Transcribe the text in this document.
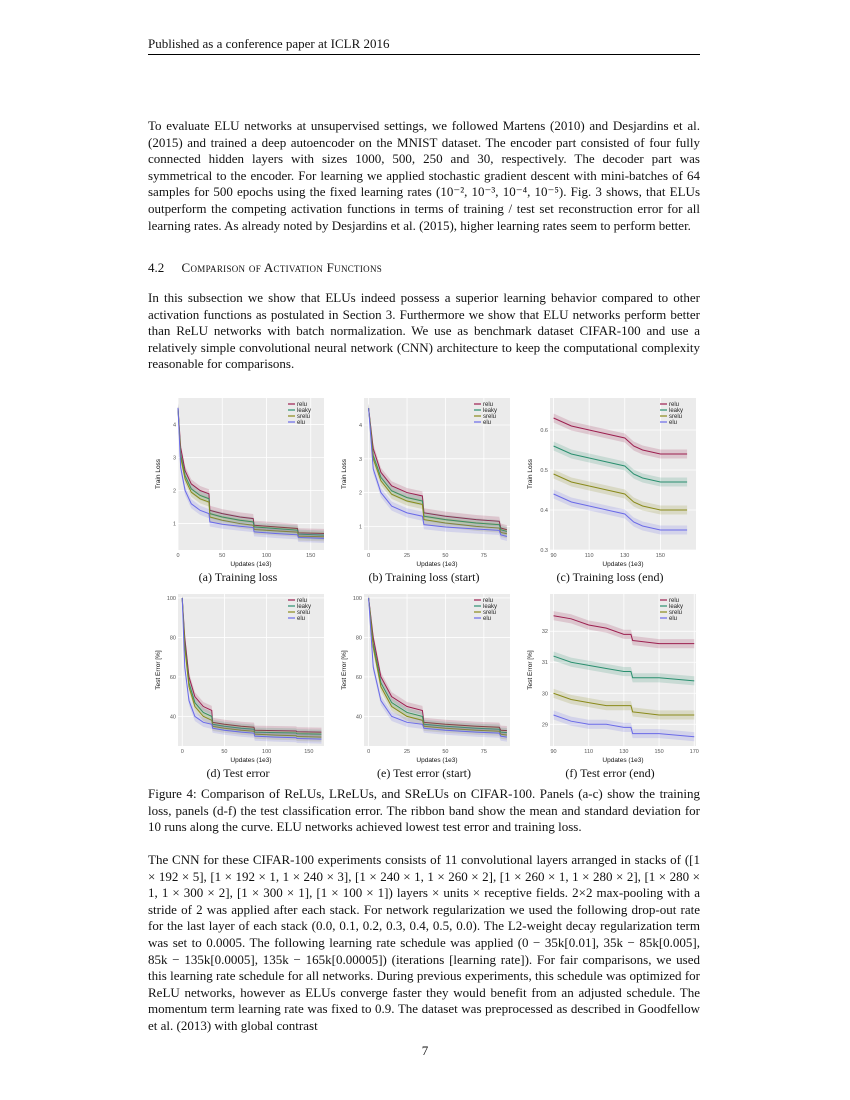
Published as a conference paper at ICLR 2016

To evaluate ELU networks at unsupervised settings, we followed Martens (2010) and Desjardins et al. (2015) and trained a deep autoencoder on the MNIST dataset. The encoder part consisted of four fully connected hidden layers with sizes 1000, 500, 250 and 30, respectively. The decoder part was symmetrical to the encoder. For learning we applied stochastic gradient descent with mini-batches of 64 samples for 500 epochs using the fixed learning rates (10⁻², 10⁻³, 10⁻⁴, 10⁻⁵). Fig. 3 shows, that ELUs outperform the competing activation functions in terms of training / test set reconstruction error for all learning rates. As already noted by Desjardins et al. (2015), higher learning rates seem to perform better.

4.2 Comparison of Activation Functions

In this subsection we show that ELUs indeed possess a superior learning behavior compared to other activation functions as postulated in Section 3. Furthermore we show that ELU networks perform better than ReLU networks with batch normalization. We use as benchmark dataset CIFAR-100 and use a relatively simple convolutional neural network (CNN) architecture to keep the computational complexity reasonable for comparisons.

0	50	100	150
1
2
3
4
relu
leaky
srelu
elu
Updates (1e3)
Train Loss
(a) Training loss
0	25	50	75
1
2
3
4
relu
leaky
srelu
elu
Updates (1e3)
Train Loss
(b) Training loss (start)
90	110	130	150
0.3
0.4
0.5
0.6
relu
leaky
srelu
elu
Updates (1e3)
Train Loss
(c) Training loss (end)
0	50	100	150
40
60
80
100	relu
leaky
srelu
elu
Updates (1e3)
Test Error [%]
(d) Test error
0	25	50	75
40
60
80
100	relu
leaky
srelu
elu
Updates (1e3)
Test Error [%]
(e) Test error (start)
90	110	130	150	170
29
30
31
32
relu
leaky
srelu
elu
Updates (1e3)
Test Error [%]
(f) Test error (end)

Figure 4: Comparison of ReLUs, LReLUs, and SReLUs on CIFAR-100. Panels (a-c) show the training loss, panels (d-f) the test classification error. The ribbon band show the mean and standard deviation for 10 runs along the curve. ELU networks achieved lowest test error and training loss.

The CNN for these CIFAR-100 experiments consists of 11 convolutional layers arranged in stacks of ([1 × 192 × 5], [1 × 192 × 1, 1 × 240 × 3], [1 × 240 × 1, 1 × 260 × 2], [1 × 260 × 1, 1 × 280 × 2], [1 × 280 × 1, 1 × 300 × 2], [1 × 300 × 1], [1 × 100 × 1]) layers × units × receptive fields. 2×2 max-pooling with a stride of 2 was applied after each stack. For network regularization we used the following drop-out rate for the last layer of each stack (0.0, 0.1, 0.2, 0.3, 0.4, 0.5, 0.0). The L2-weight decay regularization term was set to 0.0005. The following learning rate schedule was applied (0 − 35k[0.01], 35k − 85k[0.005], 85k − 135k[0.0005], 135k − 165k[0.00005]) (iterations [learning rate]). For fair comparisons, we used this learning rate schedule for all networks. During previous experiments, this schedule was optimized for ReLU networks, however as ELUs converge faster they would benefit from an adjusted schedule. The momentum term learning rate was fixed to 0.9. The dataset was preprocessed as described in Goodfellow et al. (2013) with global contrast

7
